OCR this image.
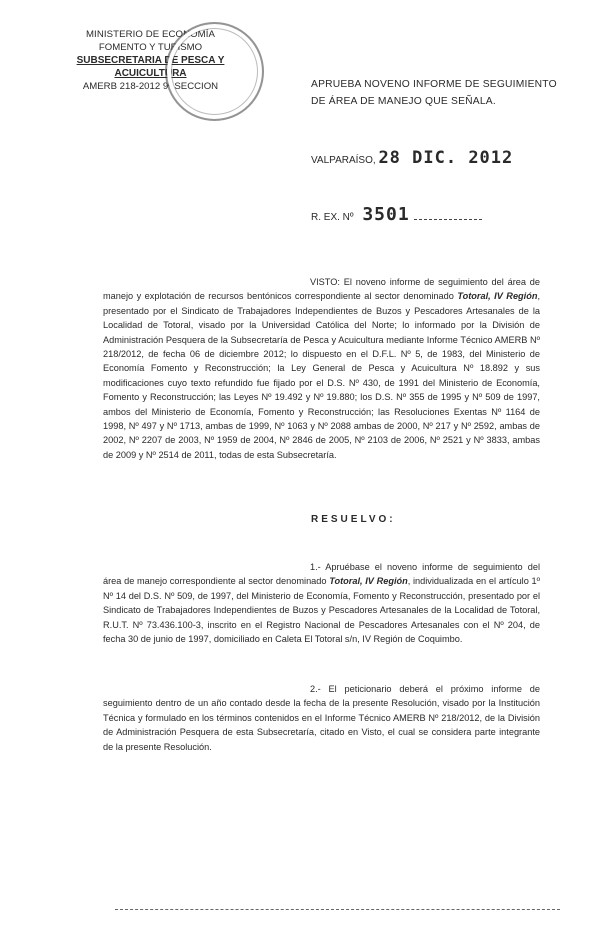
MINISTERIO DE ECONOMÍA
FOMENTO Y TURISMO
SUBSECRETARIA DE PESCA Y ACUICULTURA
AMERB 218-2012 9ª SECCION	APRUEBA NOVENO INFORME DE SEGUIMIENTO DE ÁREA DE MANEJO QUE SEÑALA.
VALPARAÍSO, 28 DIC. 2012
R. EX. Nº 3501
VISTO: El noveno informe de seguimiento del área de manejo y explotación de recursos bentónicos correspondiente al sector denominado Totoral, IV Región, presentado por el Sindicato de Trabajadores Independientes de Buzos y Pescadores Artesanales de la Localidad de Totoral, visado por la Universidad Católica del Norte; lo informado por la División de Administración Pesquera de la Subsecretaría de Pesca y Acuicultura mediante Informe Técnico AMERB Nº 218/2012, de fecha 06 de diciembre 2012; lo dispuesto en el D.F.L. Nº 5, de 1983, del Ministerio de Economía Fomento y Reconstrucción; la Ley General de Pesca y Acuicultura Nº 18.892 y sus modificaciones cuyo texto refundido fue fijado por el D.S. Nº 430, de 1991 del Ministerio de Economía, Fomento y Reconstrucción; las Leyes Nº 19.492 y Nº 19.880; los D.S. Nº 355 de 1995 y Nº 509 de 1997, ambos del Ministerio de Economía, Fomento y Reconstrucción; las Resoluciones Exentas Nº 1164 de 1998, Nº 497 y Nº 1713, ambas de 1999, Nº 1063 y Nº 2088 ambas de 2000, Nº 217 y Nº 2592, ambas de 2002, Nº 2207 de 2003, Nº 1959 de 2004, Nº 2846 de 2005, Nº 2103 de 2006, Nº 2521 y Nº 3833, ambas de 2009 y Nº 2514 de 2011, todas de esta Subsecretaría.
RESUELVO:
1.- Apruébase el noveno informe de seguimiento del área de manejo correspondiente al sector denominado Totoral, IV Región, individualizada en el artículo 1º Nº 14 del D.S. Nº 509, de 1997, del Ministerio de Economía, Fomento y Reconstrucción, presentado por el Sindicato de Trabajadores Independientes de Buzos y Pescadores Artesanales de la Localidad de Totoral, R.U.T. Nº 73.436.100-3, inscrito en el Registro Nacional de Pescadores Artesanales con el Nº 204, de fecha 30 de junio de 1997, domiciliado en Caleta El Totoral s/n, IV Región de Coquimbo.
2.- El peticionario deberá el próximo informe de seguimiento dentro de un año contado desde la fecha de la presente Resolución, visado por la Institución Técnica y formulado en los términos contenidos en el Informe Técnico AMERB Nº 218/2012, de la División de Administración Pesquera de esta Subsecretaría, citado en Visto, el cual se considera parte integrante de la presente Resolución.
